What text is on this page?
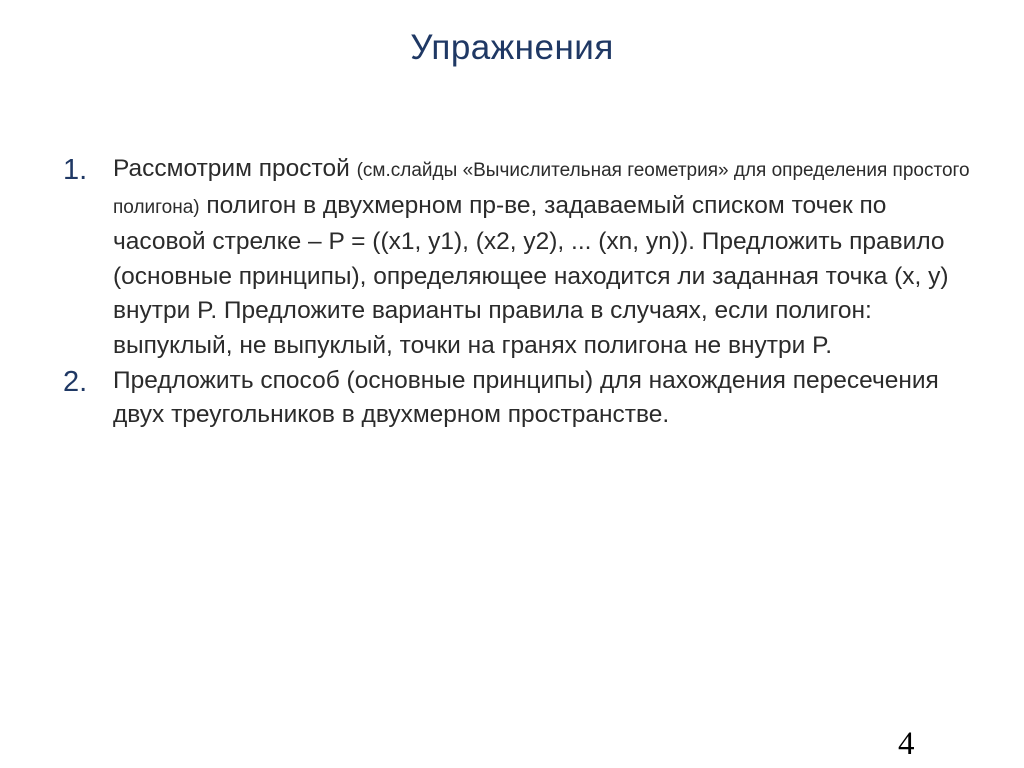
Упражнения
1. Рассмотрим простой (см.слайды «Вычислительная геометрия» для определения простого полигона) полигон в двухмерном пр-ве, задаваемый списком точек по часовой стрелке – P = ((x1, y1), (x2, y2), ... (xn, yn)). Предложить правило (основные принципы), определяющее находится ли заданная точка (x, y) внутри P. Предложите варианты правила в случаях, если полигон: выпуклый, не выпуклый, точки на гранях полигона не внутри P.
2. Предложить способ (основные принципы) для нахождения пересечения двух треугольников в двухмерном пространстве.
4
